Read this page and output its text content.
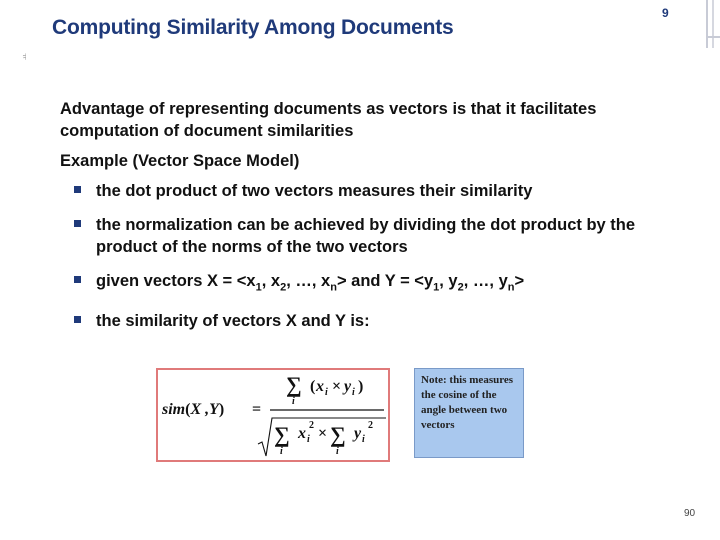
Computing Similarity Among Documents
9
ㅛ

Advantage of representing documents as vectors is that it facilitates computation of document similarities

Example (Vector Space Model)

the dot product of two vectors measures their similarity
the normalization can be achieved by dividing the dot product by the product of the norms of the two vectors
given vectors $X = <x_1$, $x_2$, …, $x_n>$ and $Y = <y_1$, $y_2$, …, $y_n>$
the similarity of vectors X and Y is:
sim(X ,Y) =
∑
i
( x i × y i )
∑
i
x i
2 × ∑
i
y i
2
Note: this measures the cosine of the angle between two vectors
90
